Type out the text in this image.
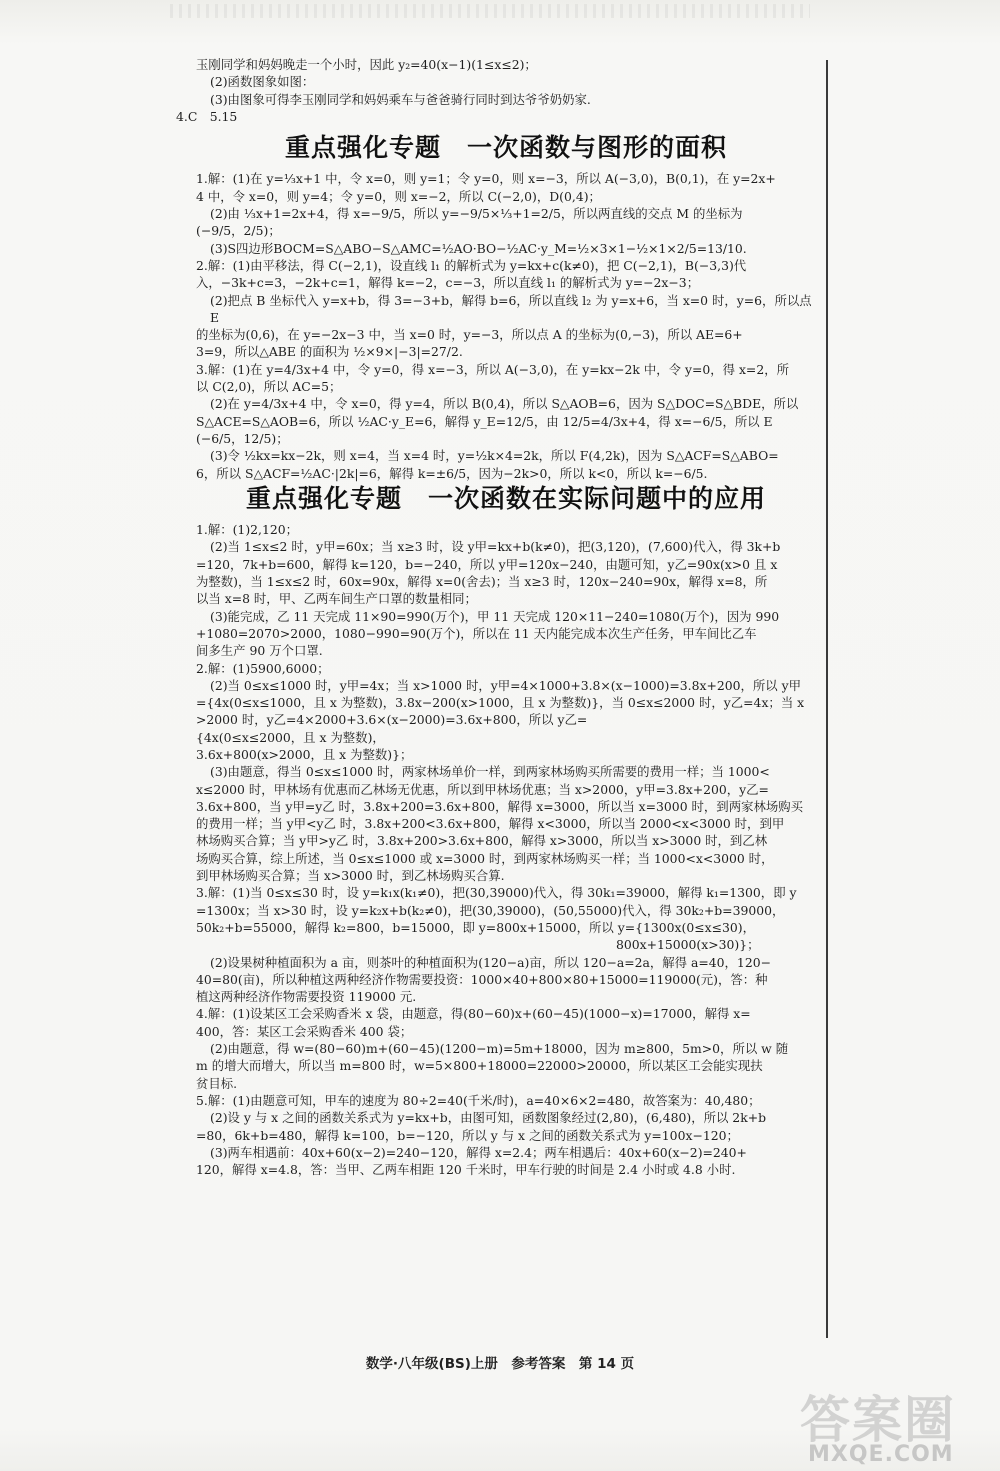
玉刚同学和妈妈晚走一个小时，因此 y₂=40(x−1)(1≤x≤2)；

(2)函数图象如图：

(3)由图象可得李玉刚同学和妈妈乘车与爸爸骑行同时到达爷爷奶奶家.

4.C　5.15

重点强化专题　一次函数与图形的面积

1.解：(1)在 y=⅓x+1 中，令 x=0，则 y=1；令 y=0，则 x=−3，所以 A(−3,0)，B(0,1)，在 y=2x+

4 中，令 x=0，则 y=4；令 y=0，则 x=−2，所以 C(−2,0)，D(0,4)；

(2)由 ⅓x+1=2x+4，得 x=−9/5，所以 y=−9/5×⅓+1=2/5，所以两直线的交点 M 的坐标为

(−9/5，2/5)；

(3)S四边形BOCM=S△ABO−S△AMC=½AO·BO−½AC·y_M=½×3×1−½×1×2/5=13/10.

2.解：(1)由平移法，得 C(−2,1)，设直线 l₁ 的解析式为 y=kx+c(k≠0)，把 C(−2,1)，B(−3,3)代

入，−3k+c=3，−2k+c=1，解得 k=−2，c=−3，所以直线 l₁ 的解析式为 y=−2x−3；

(2)把点 B 坐标代入 y=x+b，得 3=−3+b，解得 b=6，所以直线 l₂ 为 y=x+6，当 x=0 时，y=6，所以点 E

的坐标为(0,6)，在 y=−2x−3 中，当 x=0 时，y=−3，所以点 A 的坐标为(0,−3)，所以 AE=6+

3=9，所以△ABE 的面积为 ½×9×|−3|=27/2.

3.解：(1)在 y=4/3x+4 中，令 y=0，得 x=−3，所以 A(−3,0)，在 y=kx−2k 中，令 y=0，得 x=2，所

以 C(2,0)，所以 AC=5；

(2)在 y=4/3x+4 中，令 x=0，得 y=4，所以 B(0,4)，所以 S△AOB=6，因为 S△DOC=S△BDE，所以

S△ACE=S△AOB=6，所以 ½AC·y_E=6，解得 y_E=12/5，由 12/5=4/3x+4，得 x=−6/5，所以 E

(−6/5，12/5)；

(3)令 ½kx=kx−2k，则 x=4，当 x=4 时，y=½k×4=2k，所以 F(4,2k)，因为 S△ACF=S△ABO=

6，所以 S△ACF=½AC·|2k|=6，解得 k=±6/5，因为−2k>0，所以 k<0，所以 k=−6/5.

重点强化专题　一次函数在实际问题中的应用

1.解：(1)2,120；

(2)当 1≤x≤2 时，y甲=60x；当 x≥3 时，设 y甲=kx+b(k≠0)，把(3,120)，(7,600)代入，得 3k+b

=120，7k+b=600，解得 k=120，b=−240，所以 y甲=120x−240，由题可知，y乙=90x(x>0 且 x

为整数)，当 1≤x≤2 时，60x=90x，解得 x=0(舍去)；当 x≥3 时，120x−240=90x，解得 x=8，所

以当 x=8 时，甲、乙两车间生产口罩的数量相同；

(3)能完成，乙 11 天完成 11×90=990(万个)，甲 11 天完成 120×11−240=1080(万个)，因为 990

+1080=2070>2000，1080−990=90(万个)，所以在 11 天内能完成本次生产任务，甲车间比乙车

间多生产 90 万个口罩.

2.解：(1)5900,6000；

(2)当 0≤x≤1000 时，y甲=4x；当 x>1000 时，y甲=4×1000+3.8×(x−1000)=3.8x+200，所以 y甲

={4x(0≤x≤1000，且 x 为整数)，3.8x−200(x>1000，且 x 为整数)}，当 0≤x≤2000 时，y乙=4x；当 x

>2000 时，y乙=4×2000+3.6×(x−2000)=3.6x+800，所以 y乙=

{4x(0≤x≤2000，且 x 为整数)，

3.6x+800(x>2000，且 x 为整数)}；

(3)由题意，得当 0≤x≤1000 时，两家林场单价一样，到两家林场购买所需要的费用一样；当 1000<

x≤2000 时，甲林场有优惠而乙林场无优惠，所以到甲林场优惠；当 x>2000，y甲=3.8x+200，y乙=

3.6x+800，当 y甲=y乙 时，3.8x+200=3.6x+800，解得 x=3000，所以当 x=3000 时，到两家林场购买

的费用一样；当 y甲<y乙 时，3.8x+200<3.6x+800，解得 x<3000，所以当 2000<x<3000 时，到甲

林场购买合算；当 y甲>y乙 时，3.8x+200>3.6x+800，解得 x>3000，所以当 x>3000 时，到乙林

场购买合算，综上所述，当 0≤x≤1000 或 x=3000 时，到两家林场购买一样；当 1000<x<3000 时，

到甲林场购买合算；当 x>3000 时，到乙林场购买合算.

3.解：(1)当 0≤x≤30 时，设 y=k₁x(k₁≠0)，把(30,39000)代入，得 30k₁=39000，解得 k₁=1300，即 y

=1300x；当 x>30 时，设 y=k₂x+b(k₂≠0)，把(30,39000)，(50,55000)代入，得 30k₂+b=39000，

50k₂+b=55000，解得 k₂=800，b=15000，即 y=800x+15000，所以 y={1300x(0≤x≤30)，

800x+15000(x>30)}；

(2)设果树种植面积为 a 亩，则茶叶的种植面积为(120−a)亩，所以 120−a=2a，解得 a=40，120−

40=80(亩)，所以种植这两种经济作物需要投资：1000×40+800×80+15000=119000(元)，答：种

植这两种经济作物需要投资 119000 元.

4.解：(1)设某区工会采购香米 x 袋，由题意，得(80−60)x+(60−45)(1000−x)=17000，解得 x=

400，答：某区工会采购香米 400 袋；

(2)由题意，得 w=(80−60)m+(60−45)(1200−m)=5m+18000，因为 m≥800，5m>0，所以 w 随

m 的增大而增大，所以当 m=800 时，w=5×800+18000=22000>20000，所以某区工会能实现扶

贫目标.

5.解：(1)由题意可知，甲车的速度为 80÷2=40(千米/时)，a=40×6×2=480，故答案为：40,480；

(2)设 y 与 x 之间的函数关系式为 y=kx+b，由图可知，函数图象经过(2,80)，(6,480)，所以 2k+b

=80，6k+b=480，解得 k=100，b=−120，所以 y 与 x 之间的函数关系式为 y=100x−120；

(3)两车相遇前：40x+60(x−2)=240−120，解得 x=2.4；两车相遇后：40x+60(x−2)=240+

120，解得 x=4.8，答：当甲、乙两车相距 120 千米时，甲车行驶的时间是 2.4 小时或 4.8 小时.

数学·八年级(BS)上册　参考答案　第 14 页
答案圈
MXQE.COM
